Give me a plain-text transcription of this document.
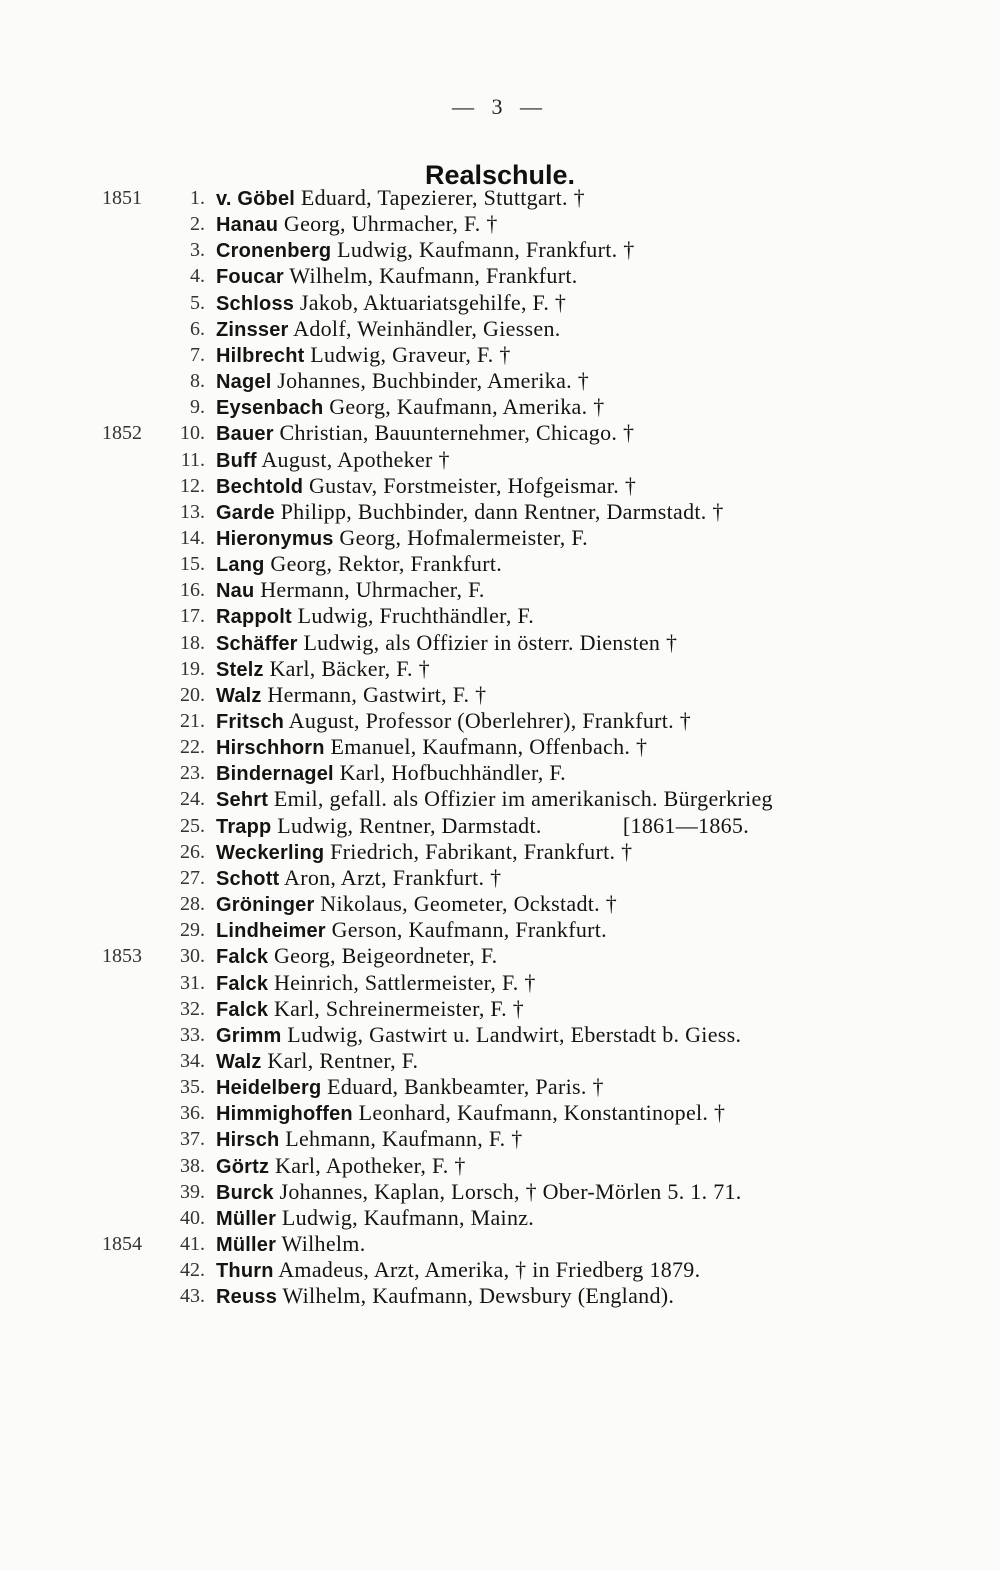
— 3 —
Realschule.
1851	1. v. Göbel Eduard, Tapezierer, Stuttgart. †
2. Hanau Georg, Uhrmacher, F. †
3. Cronenberg Ludwig, Kaufmann, Frankfurt. †
4. Foucar Wilhelm, Kaufmann, Frankfurt.
5. Schloss Jakob, Aktuariatsgehilfe, F. †
6. Zinsser Adolf, Weinhändler, Giessen.
7. Hilbrecht Ludwig, Graveur, F. †
8. Nagel Johannes, Buchbinder, Amerika. †
9. Eysenbach Georg, Kaufmann, Amerika. †
1852	10. Bauer Christian, Bauunternehmer, Chicago. †
11. Buff August, Apotheker †
12. Bechtold Gustav, Forstmeister, Hofgeismar. †
13. Garde Philipp, Buchbinder, dann Rentner, Darmstadt. †
14. Hieronymus Georg, Hofmalermeister, F.
15. Lang Georg, Rektor, Frankfurt.
16. Nau Hermann, Uhrmacher, F.
17. Rappolt Ludwig, Fruchthändler, F.
18. Schäffer Ludwig, als Offizier in österr. Diensten †
19. Stelz Karl, Bäcker, F. †
20. Walz Hermann, Gastwirt, F. †
21. Fritsch August, Professor (Oberlehrer), Frankfurt. †
22. Hirschhorn Emanuel, Kaufmann, Offenbach. †
23. Bindernagel Karl, Hofbuchhändler, F.
24. Sehrt Emil, gefall. als Offizier im amerikanisch. Bürgerkrieg
25. Trapp Ludwig, Rentner, Darmstadt.              [1861—1865.
26. Weckerling Friedrich, Fabrikant, Frankfurt. †
27. Schott Aron, Arzt, Frankfurt. †
28. Gröninger Nikolaus, Geometer, Ockstadt. †
29. Lindheimer Gerson, Kaufmann, Frankfurt.
1853	30. Falck Georg, Beigeordneter, F.
31. Falck Heinrich, Sattlermeister, F. †
32. Falck Karl, Schreinermeister, F. †
33. Grimm Ludwig, Gastwirt u. Landwirt, Eberstadt b. Giess.
34. Walz Karl, Rentner, F.
35. Heidelberg Eduard, Bankbeamter, Paris. †
36. Himmighoffen Leonhard, Kaufmann, Konstantinopel. †
37. Hirsch Lehmann, Kaufmann, F. †
38. Görtz Karl, Apotheker, F. †
39. Burck Johannes, Kaplan, Lorsch, † Ober-Mörlen 5. 1. 71.
40. Müller Ludwig, Kaufmann, Mainz.
1854	41. Müller Wilhelm.
42. Thurn Amadeus, Arzt, Amerika, † in Friedberg 1879.
43. Reuss Wilhelm, Kaufmann, Dewsbury (England).
